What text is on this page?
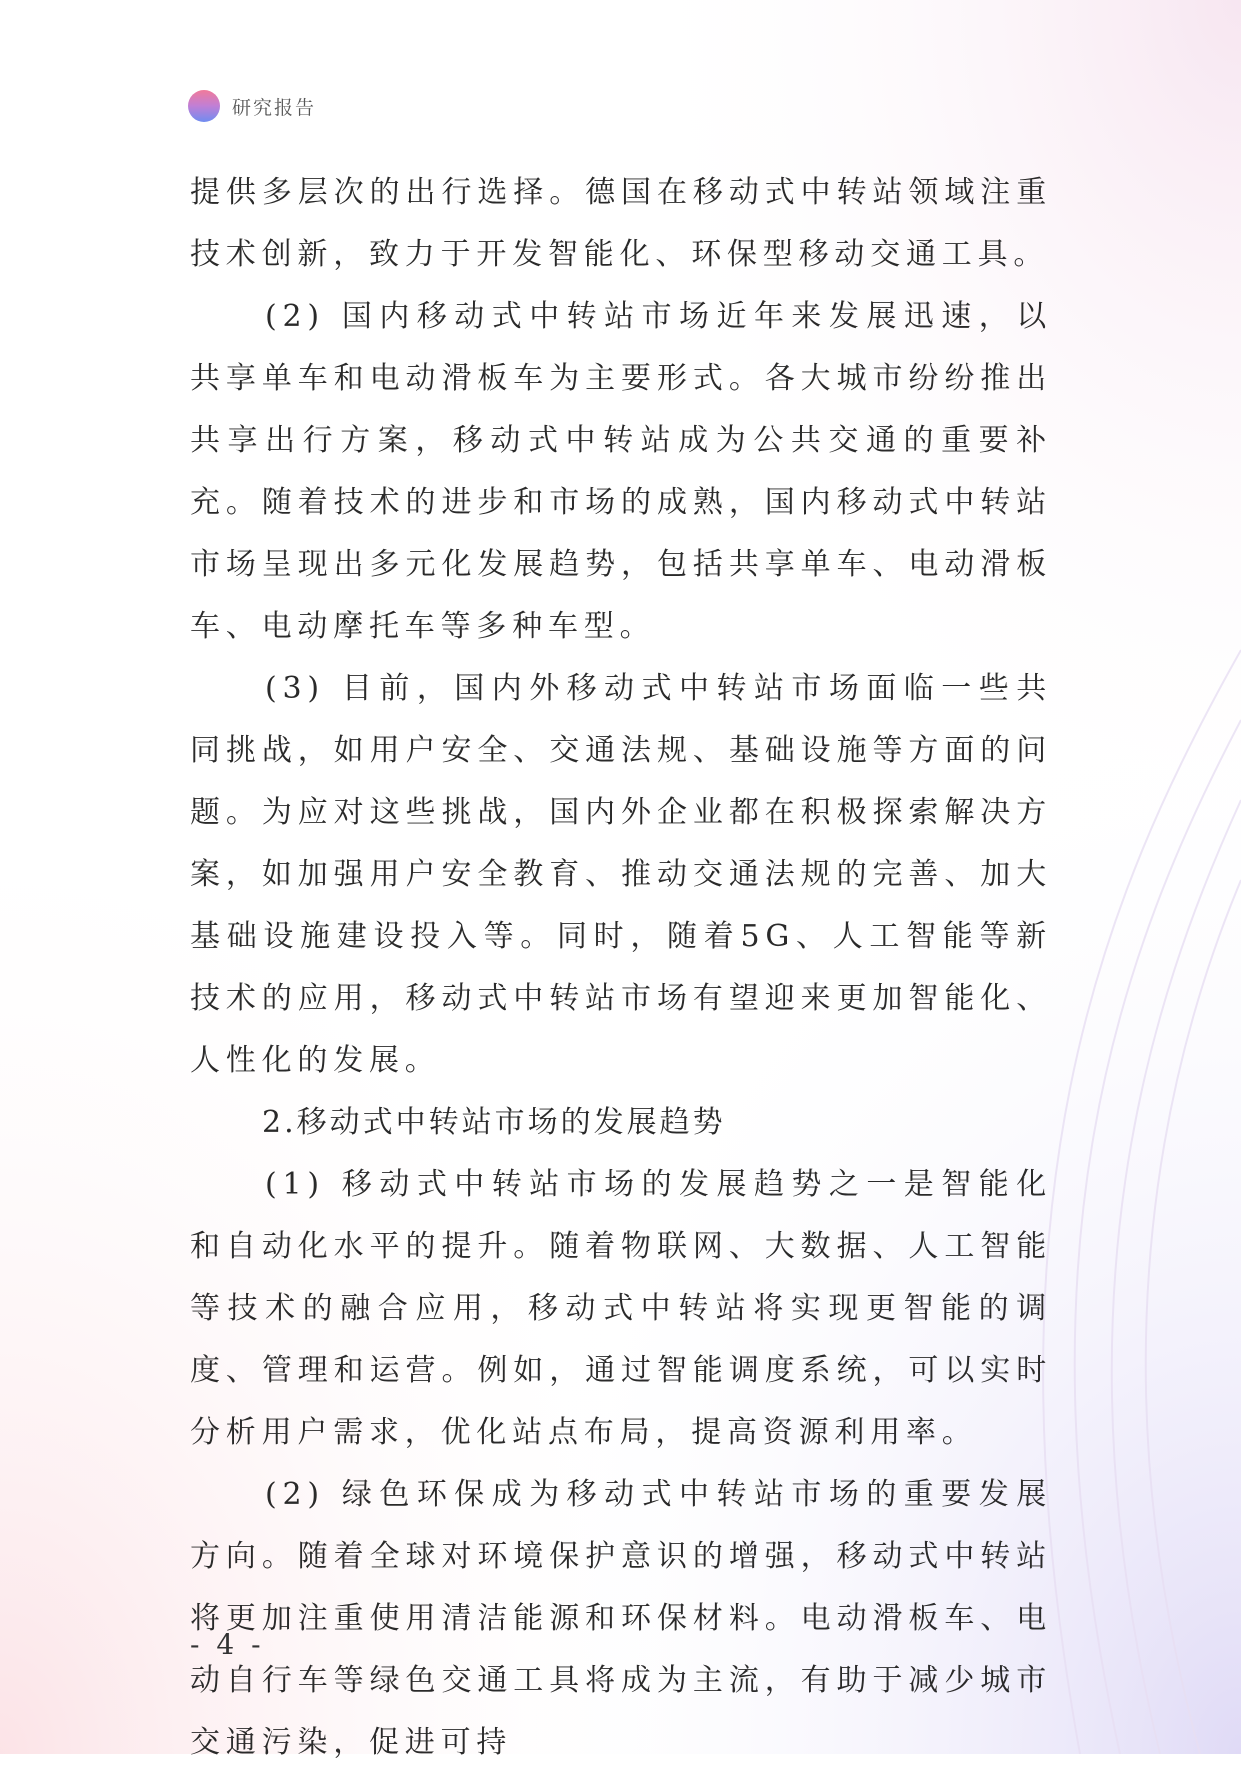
研究报告

提供多层次的出行选择。德国在移动式中转站领域注重技术创新，致力于开发智能化、环保型移动交通工具。

(2) 国内移动式中转站市场近年来发展迅速，以共享单车和电动滑板车为主要形式。各大城市纷纷推出共享出行方案，移动式中转站成为公共交通的重要补充。随着技术的进步和市场的成熟，国内移动式中转站市场呈现出多元化发展趋势，包括共享单车、电动滑板车、电动摩托车等多种车型。

(3) 目前，国内外移动式中转站市场面临一些共同挑战，如用户安全、交通法规、基础设施等方面的问题。为应对这些挑战，国内外企业都在积极探索解决方案，如加强用户安全教育、推动交通法规的完善、加大基础设施建设投入等。同时，随着5G、人工智能等新技术的应用，移动式中转站市场有望迎来更加智能化、人性化的发展。

2.移动式中转站市场的发展趋势

(1) 移动式中转站市场的发展趋势之一是智能化和自动化水平的提升。随着物联网、大数据、人工智能等技术的融合应用，移动式中转站将实现更智能的调度、管理和运营。例如，通过智能调度系统，可以实时分析用户需求，优化站点布局，提高资源利用率。

(2) 绿色环保成为移动式中转站市场的重要发展方向。随着全球对环境保护意识的增强，移动式中转站将更加注重使用清洁能源和环保材料。电动滑板车、电动自行车等绿色交通工具将成为主流，有助于减少城市交通污染，促进可持

- 4 -
